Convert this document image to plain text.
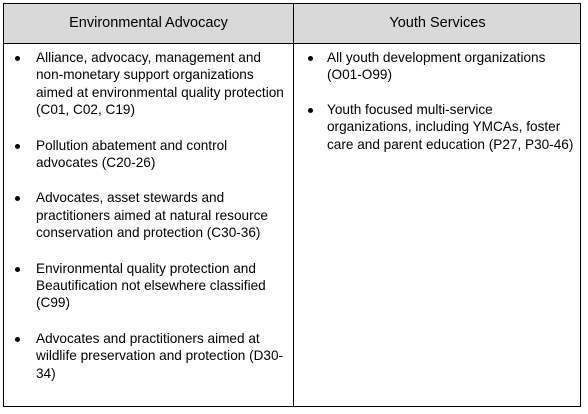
Environmental Advocacy	Youth Services
Alliance, advocacy, management and non-monetary support organizations aimed at environmental quality protection (C01, C02, C19)
Pollution abatement and control advocates (C20-26)
Advocates, asset stewards and practitioners aimed at natural resource conservation and protection (C30-36)
Environmental quality protection and Beautification not elsewhere classified (C99)
Advocates and practitioners aimed at wildlife preservation and protection (D30-34)
All youth development organizations (O01-O99)
Youth focused multi-service organizations, including YMCAs, foster care and parent education (P27, P30-46)
